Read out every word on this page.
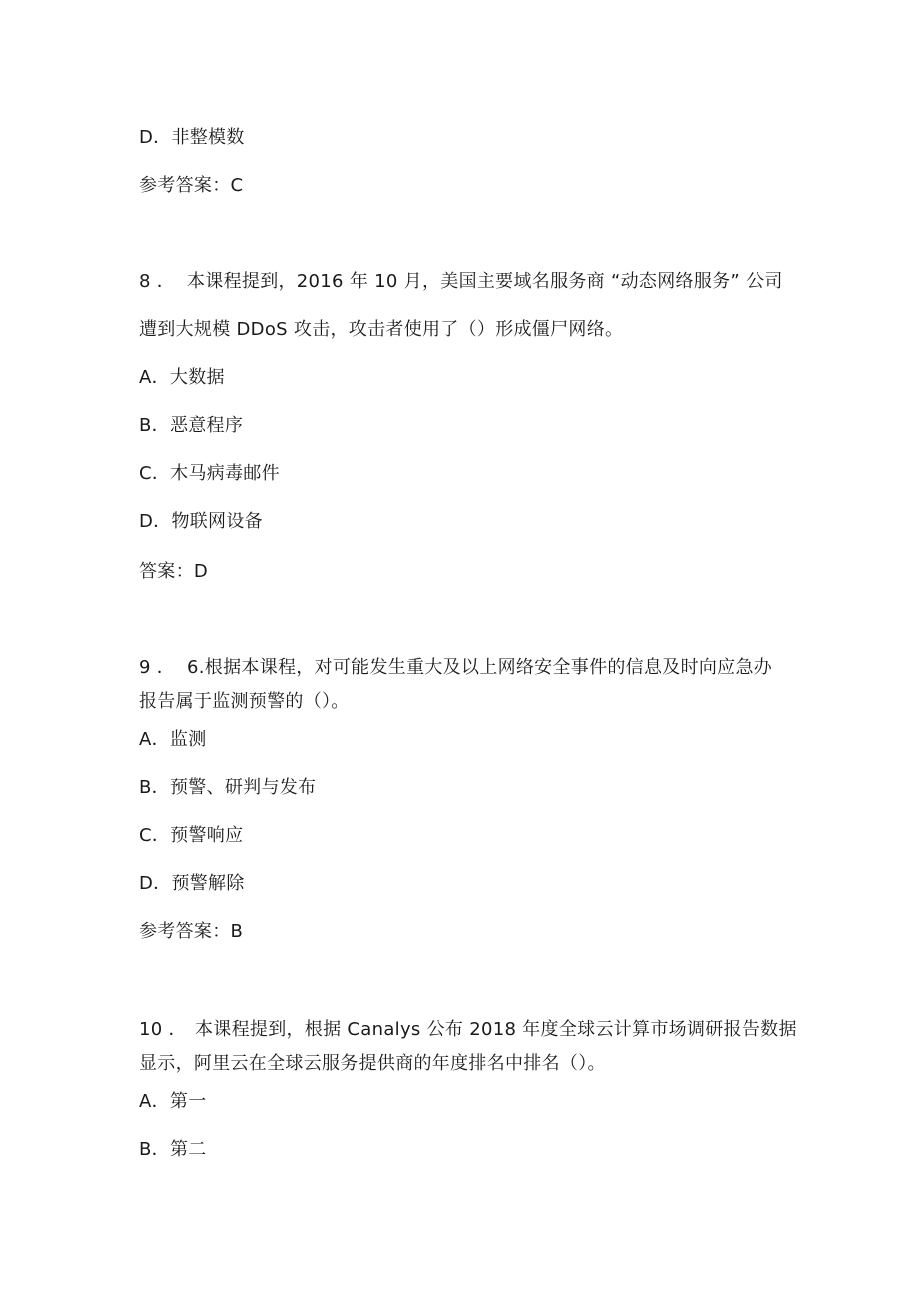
D．非整模数
参考答案：C
8 ． 本课程提到，2016 年 10 月，美国主要域名服务商 “动态网络服务” 公司
遭到大规模 DDoS 攻击，攻击者使用了（）形成僵尸网络。
A．大数据
B．恶意程序
C．木马病毒邮件
D．物联网设备
答案：D
9 ． 6.根据本课程，对可能发生重大及以上网络安全事件的信息及时向应急办
报告属于监测预警的（）。
A．监测
B．预警、研判与发布
C．预警响应
D．预警解除
参考答案：B
10 ． 本课程提到，根据 Canalys 公布 2018 年度全球云计算市场调研报告数据
显示，阿里云在全球云服务提供商的年度排名中排名（）。
A．第一
B．第二
